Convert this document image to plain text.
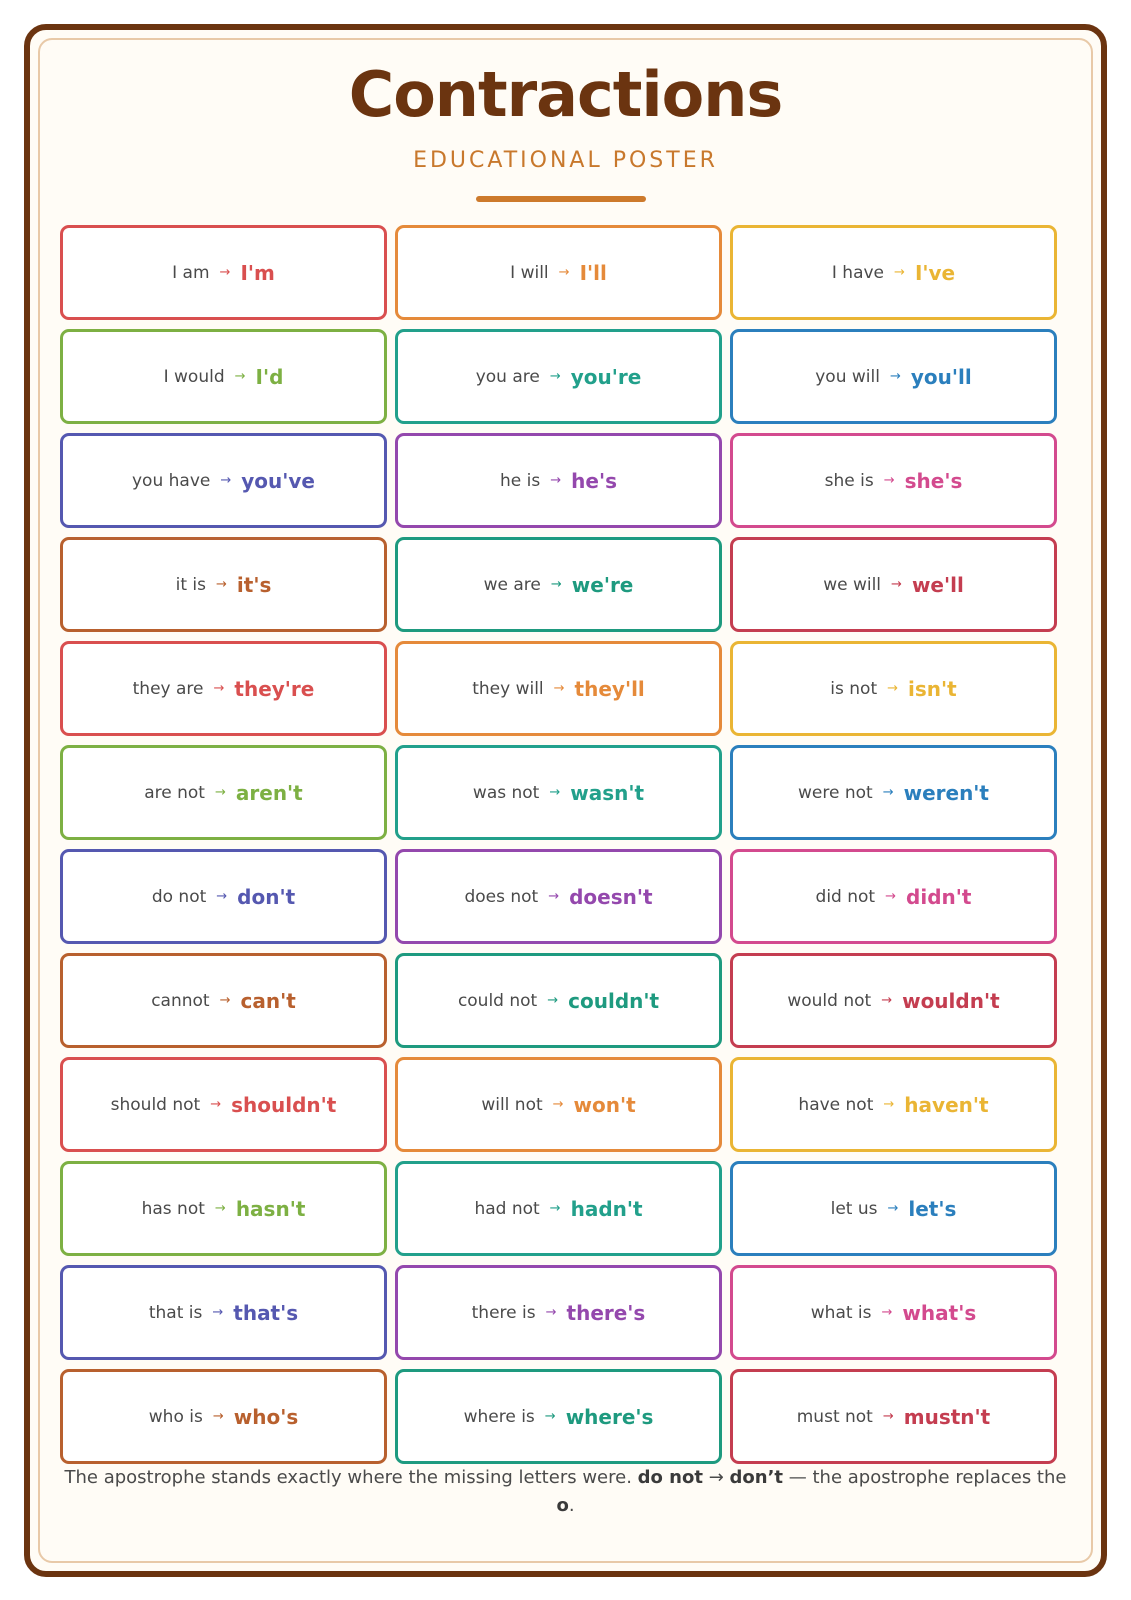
Contractions
EDUCATIONAL POSTER
I am → I'm	I will → I'll	I have → I've
I would → I'd	you are → you're	you will → you'll
you have → you've	he is → he's	she is → she's
it is → it's	we are → we're	we will → we'll
they are → they're	they will → they'll	is not → isn't
are not → aren't	was not → wasn't	were not → weren't
do not → don't	does not → doesn't	did not → didn't
cannot → can't	could not → couldn't	would not → wouldn't
should not → shouldn't	will not → won't	have not → haven't
has not → hasn't	had not → hadn't	let us → let's
that is → that's	there is → there's	what is → what's
who is → who's	where is → where's	must not → mustn't

The apostrophe stands exactly where the missing letters were. do not → don’t — the apostrophe replaces the o.
